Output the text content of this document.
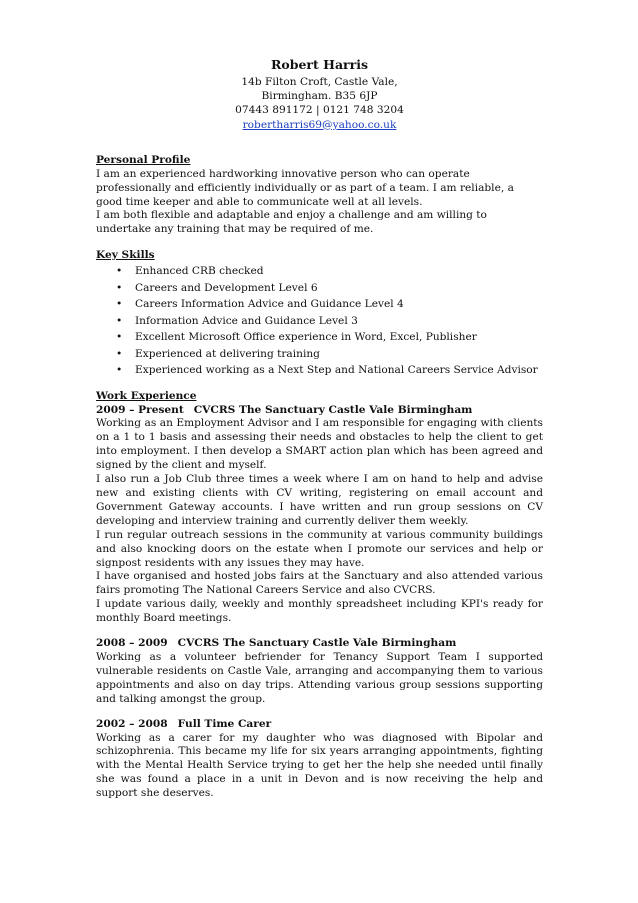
Robert Harris
14b Filton Croft, Castle Vale,
Birmingham. B35 6JP
07443 891172 | 0121 748 3204
robertharris69@yahoo.co.uk
Personal Profile

I am an experienced hardworking innovative person who can operate professionally and efficiently individually or as part of a team. I am reliable, a good time keeper and able to communicate well at all levels.

I am both flexible and adaptable and enjoy a challenge and am willing to undertake any training that may be required of me.

Key Skills
• Enhanced CRB checked
• Careers and Development Level 6
• Careers Information Advice and Guidance Level 4
• Information Advice and Guidance Level 3
• Excellent Microsoft Office experience in Word, Excel, Publisher
• Experienced at delivering training
• Experienced working as a Next Step and National Careers Service Advisor
Work Experience
2009 – Present CVCRS The Sanctuary Castle Vale Birmingham

Working as an Employment Advisor and I am responsible for engaging with clients on a 1 to 1 basis and assessing their needs and obstacles to help the client to get into employment. I then develop a SMART action plan which has been agreed and signed by the client and myself.

I also run a Job Club three times a week where I am on hand to help and advise new and existing clients with CV writing, registering on email account and Government Gateway accounts. I have written and run group sessions on CV developing and interview training and currently deliver them weekly.

I run regular outreach sessions in the community at various community buildings and also knocking doors on the estate when I promote our services and help or signpost residents with any issues they may have.

I have organised and hosted jobs fairs at the Sanctuary and also attended various fairs promoting The National Careers Service and also CVCRS.

I update various daily, weekly and monthly spreadsheet including KPI's ready for monthly Board meetings.

2008 – 2009 CVCRS The Sanctuary Castle Vale Birmingham

Working as a volunteer befriender for Tenancy Support Team I supported vulnerable residents on Castle Vale, arranging and accompanying them to various appointments and also on day trips. Attending various group sessions supporting and talking amongst the group.

2002 – 2008 Full Time Carer

Working as a carer for my daughter who was diagnosed with Bipolar and schizophrenia. This became my life for six years arranging appointments, fighting with the Mental Health Service trying to get her the help she needed until finally she was found a place in a unit in Devon and is now receiving the help and support she deserves.
